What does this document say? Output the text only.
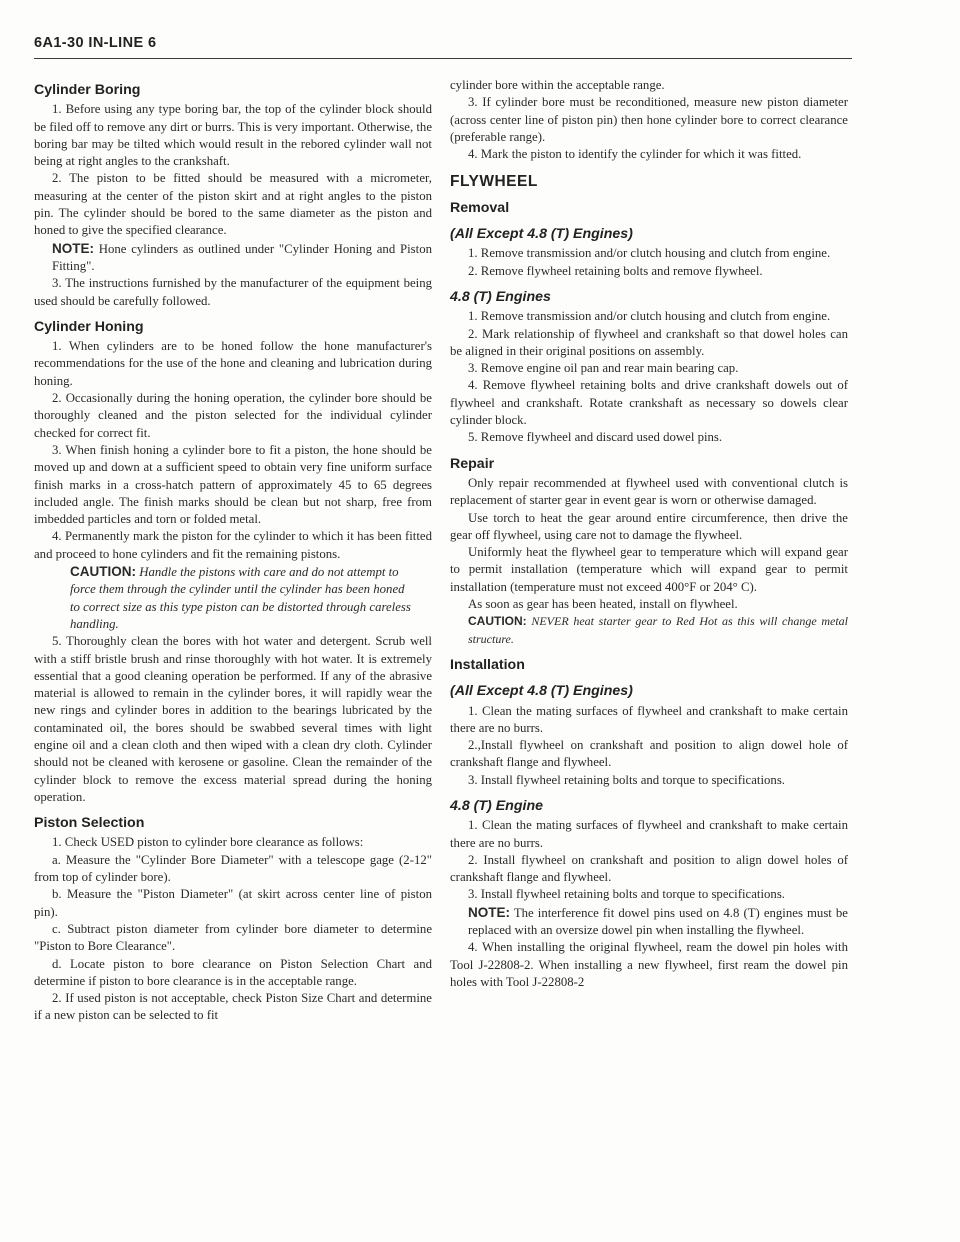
6A1-30 IN-LINE 6
Cylinder Boring

1. Before using any type boring bar, the top of the cylinder block should be filed off to remove any dirt or burrs. This is very important. Otherwise, the boring bar may be tilted which would result in the rebored cylinder wall not being at right angles to the crankshaft.

2. The piston to be fitted should be measured with a micrometer, measuring at the center of the piston skirt and at right angles to the piston pin. The cylinder should be bored to the same diameter as the piston and honed to give the specified clearance.

NOTE: Hone cylinders as outlined under "Cylinder Honing and Piston Fitting".

3. The instructions furnished by the manufacturer of the equipment being used should be carefully followed.

Cylinder Honing

1. When cylinders are to be honed follow the hone manufacturer's recommendations for the use of the hone and cleaning and lubrication during honing.

2. Occasionally during the honing operation, the cylinder bore should be thoroughly cleaned and the piston selected for the individual cylinder checked for correct fit.

3. When finish honing a cylinder bore to fit a piston, the hone should be moved up and down at a sufficient speed to obtain very fine uniform surface finish marks in a cross-hatch pattern of approximately 45 to 65 degrees included angle. The finish marks should be clean but not sharp, free from imbedded particles and torn or folded metal.

4. Permanently mark the piston for the cylinder to which it has been fitted and proceed to hone cylinders and fit the remaining pistons.

CAUTION: Handle the pistons with care and do not attempt to force them through the cylinder until the cylinder has been honed to correct size as this type piston can be distorted through careless handling.

5. Thoroughly clean the bores with hot water and detergent. Scrub well with a stiff bristle brush and rinse thoroughly with hot water. It is extremely essential that a good cleaning operation be performed. If any of the abrasive material is allowed to remain in the cylinder bores, it will rapidly wear the new rings and cylinder bores in addition to the bearings lubricated by the contaminated oil, the bores should be swabbed several times with light engine oil and a clean cloth and then wiped with a clean dry cloth. Cylinder should not be cleaned with kerosene or gasoline. Clean the remainder of the cylinder block to remove the excess material spread during the honing operation.

Piston Selection

1. Check USED piston to cylinder bore clearance as follows:

a. Measure the "Cylinder Bore Diameter" with a telescope gage (2-12" from top of cylinder bore).

b. Measure the "Piston Diameter" (at skirt across center line of piston pin).

c. Subtract piston diameter from cylinder bore diameter to determine "Piston to Bore Clearance".

d. Locate piston to bore clearance on Piston Selection Chart and determine if piston to bore clearance is in the acceptable range.

2. If used piston is not acceptable, check Piston Size Chart and determine if a new piston can be selected to fit

cylinder bore within the acceptable range.

3. If cylinder bore must be reconditioned, measure new piston diameter (across center line of piston pin) then hone cylinder bore to correct clearance (preferable range).

4. Mark the piston to identify the cylinder for which it was fitted.

FLYWHEEL
Removal
(All Except 4.8 (T) Engines)

1. Remove transmission and/or clutch housing and clutch from engine.

2. Remove flywheel retaining bolts and remove flywheel.

4.8 (T) Engines

1. Remove transmission and/or clutch housing and clutch from engine.

2. Mark relationship of flywheel and crankshaft so that dowel holes can be aligned in their original positions on assembly.

3. Remove engine oil pan and rear main bearing cap.

4. Remove flywheel retaining bolts and drive crankshaft dowels out of flywheel and crankshaft. Rotate crankshaft as necessary so dowels clear cylinder block.

5. Remove flywheel and discard used dowel pins.

Repair

Only repair recommended at flywheel used with conventional clutch is replacement of starter gear in event gear is worn or otherwise damaged.

Use torch to heat the gear around entire circumference, then drive the gear off flywheel, using care not to damage the flywheel.

Uniformly heat the flywheel gear to temperature which will expand gear to permit installation (temperature which will expand gear to permit installation (temperature must not exceed 400°F or 204° C).

As soon as gear has been heated, install on flywheel.

CAUTION: NEVER heat starter gear to Red Hot as this will change metal structure.

Installation
(All Except 4.8 (T) Engines)

1. Clean the mating surfaces of flywheel and crankshaft to make certain there are no burrs.

2.,Install flywheel on crankshaft and position to align dowel hole of crankshaft flange and flywheel.

3. Install flywheel retaining bolts and torque to specifications.

4.8 (T) Engine

1. Clean the mating surfaces of flywheel and crankshaft to make certain there are no burrs.

2. Install flywheel on crankshaft and position to align dowel holes of crankshaft flange and flywheel.

3. Install flywheel retaining bolts and torque to specifications.

NOTE: The interference fit dowel pins used on 4.8 (T) engines must be replaced with an oversize dowel pin when installing the flywheel.

4. When installing the original flywheel, ream the dowel pin holes with Tool J-22808-2. When installing a new flywheel, first ream the dowel pin holes with Tool J-22808-2
